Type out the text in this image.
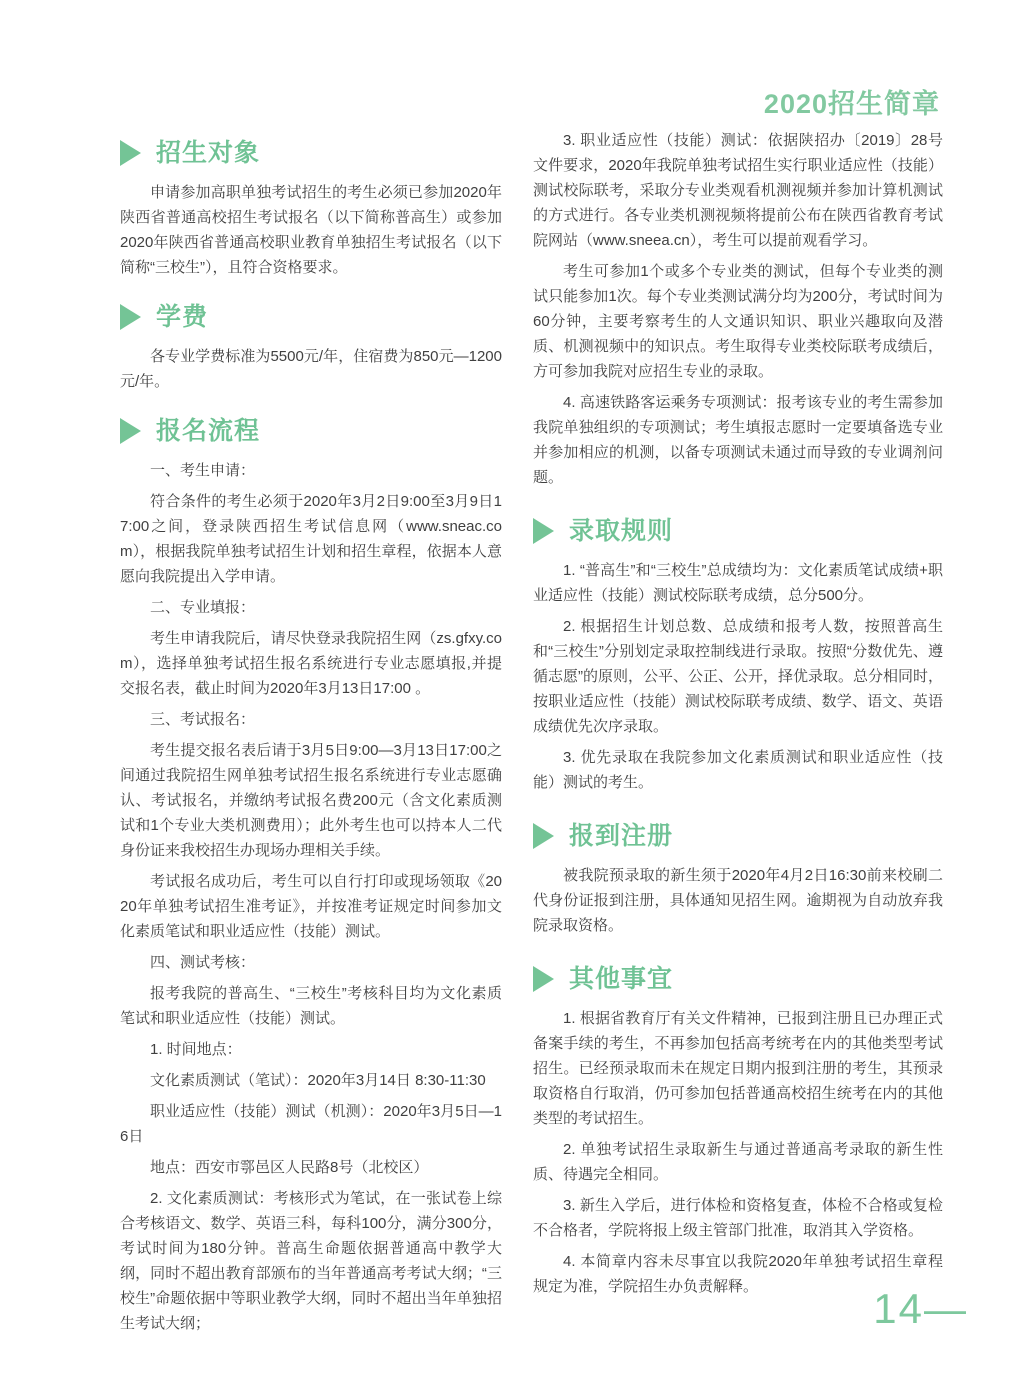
2020招生简章
招生对象

申请参加高职单独考试招生的考生必须已参加2020年陕西省普通高校招生考试报名（以下简称普高生）或参加2020年陕西省普通高校职业教育单独招生考试报名（以下简称“三校生”），且符合资格要求。

学费

各专业学费标准为5500元/年，住宿费为850元—1200元/年。

报名流程

一、考生申请：

符合条件的考生必须于2020年3月2日9:00至3月9日17:00之间，登录陕西招生考试信息网（www.sneac.com），根据我院单独考试招生计划和招生章程，依据本人意愿向我院提出入学申请。

二、专业填报：

考生申请我院后，请尽快登录我院招生网（zs.gfxy.com），选择单独考试招生报名系统进行专业志愿填报,并提交报名表，截止时间为2020年3月13日17:00 。

三、考试报名：

考生提交报名表后请于3月5日9:00—3月13日17:00之间通过我院招生网单独考试招生报名系统进行专业志愿确认、考试报名，并缴纳考试报名费200元（含文化素质测试和1个专业大类机测费用）；此外考生也可以持本人二代身份证来我校招生办现场办理相关手续。

考试报名成功后，考生可以自行打印或现场领取《2020年单独考试招生准考证》，并按准考证规定时间参加文化素质笔试和职业适应性（技能）测试。

四、测试考核：

报考我院的普高生、“三校生”考核科目均为文化素质笔试和职业适应性（技能）测试。

1. 时间地点：

文化素质测试（笔试）：2020年3月14日 8:30-11:30

职业适应性（技能）测试（机测）：2020年3月5日—16日

地点：西安市鄠邑区人民路8号（北校区）

2. 文化素质测试：考核形式为笔试，在一张试卷上综合考核语文、数学、英语三科，每科100分，满分300分，考试时间为180分钟。普高生命题依据普通高中教学大纲，同时不超出教育部颁布的当年普通高考考试大纲；“三校生”命题依据中等职业教学大纲，同时不超出当年单独招生考试大纲；

3. 职业适应性（技能）测试：依据陕招办〔2019〕28号文件要求，2020年我院单独考试招生实行职业适应性（技能）测试校际联考，采取分专业类观看机测视频并参加计算机测试的方式进行。各专业类机测视频将提前公布在陕西省教育考试院网站（www.sneea.cn），考生可以提前观看学习。

考生可参加1个或多个专业类的测试，但每个专业类的测试只能参加1次。每个专业类测试满分均为200分，考试时间为60分钟，主要考察考生的人文通识知识、职业兴趣取向及潜质、机测视频中的知识点。考生取得专业类校际联考成绩后，方可参加我院对应招生专业的录取。

4. 高速铁路客运乘务专项测试：报考该专业的考生需参加我院单独组织的专项测试；考生填报志愿时一定要填备选专业并参加相应的机测，以备专项测试未通过而导致的专业调剂问题。

录取规则

1. “普高生”和“三校生”总成绩均为：文化素质笔试成绩+职业适应性（技能）测试校际联考成绩，总分500分。

2. 根据招生计划总数、总成绩和报考人数，按照普高生和“三校生”分别划定录取控制线进行录取。按照“分数优先、遵循志愿”的原则，公平、公正、公开，择优录取。总分相同时，按职业适应性（技能）测试校际联考成绩、数学、语文、英语成绩优先次序录取。

3. 优先录取在我院参加文化素质测试和职业适应性（技能）测试的考生。

报到注册

被我院预录取的新生须于2020年4月2日16:30前来校刷二代身份证报到注册，具体通知见招生网。逾期视为自动放弃我院录取资格。

其他事宜

1. 根据省教育厅有关文件精神，已报到注册且已办理正式备案手续的考生，不再参加包括高考统考在内的其他类型考试招生。已经预录取而未在规定日期内报到注册的考生，其预录取资格自行取消，仍可参加包括普通高校招生统考在内的其他类型的考试招生。

2. 单独考试招生录取新生与通过普通高考录取的新生性质、待遇完全相同。

3. 新生入学后，进行体检和资格复查，体检不合格或复检不合格者，学院将报上级主管部门批准，取消其入学资格。

4. 本简章内容未尽事宜以我院2020年单独考试招生章程规定为准，学院招生办负责解释。	14—
